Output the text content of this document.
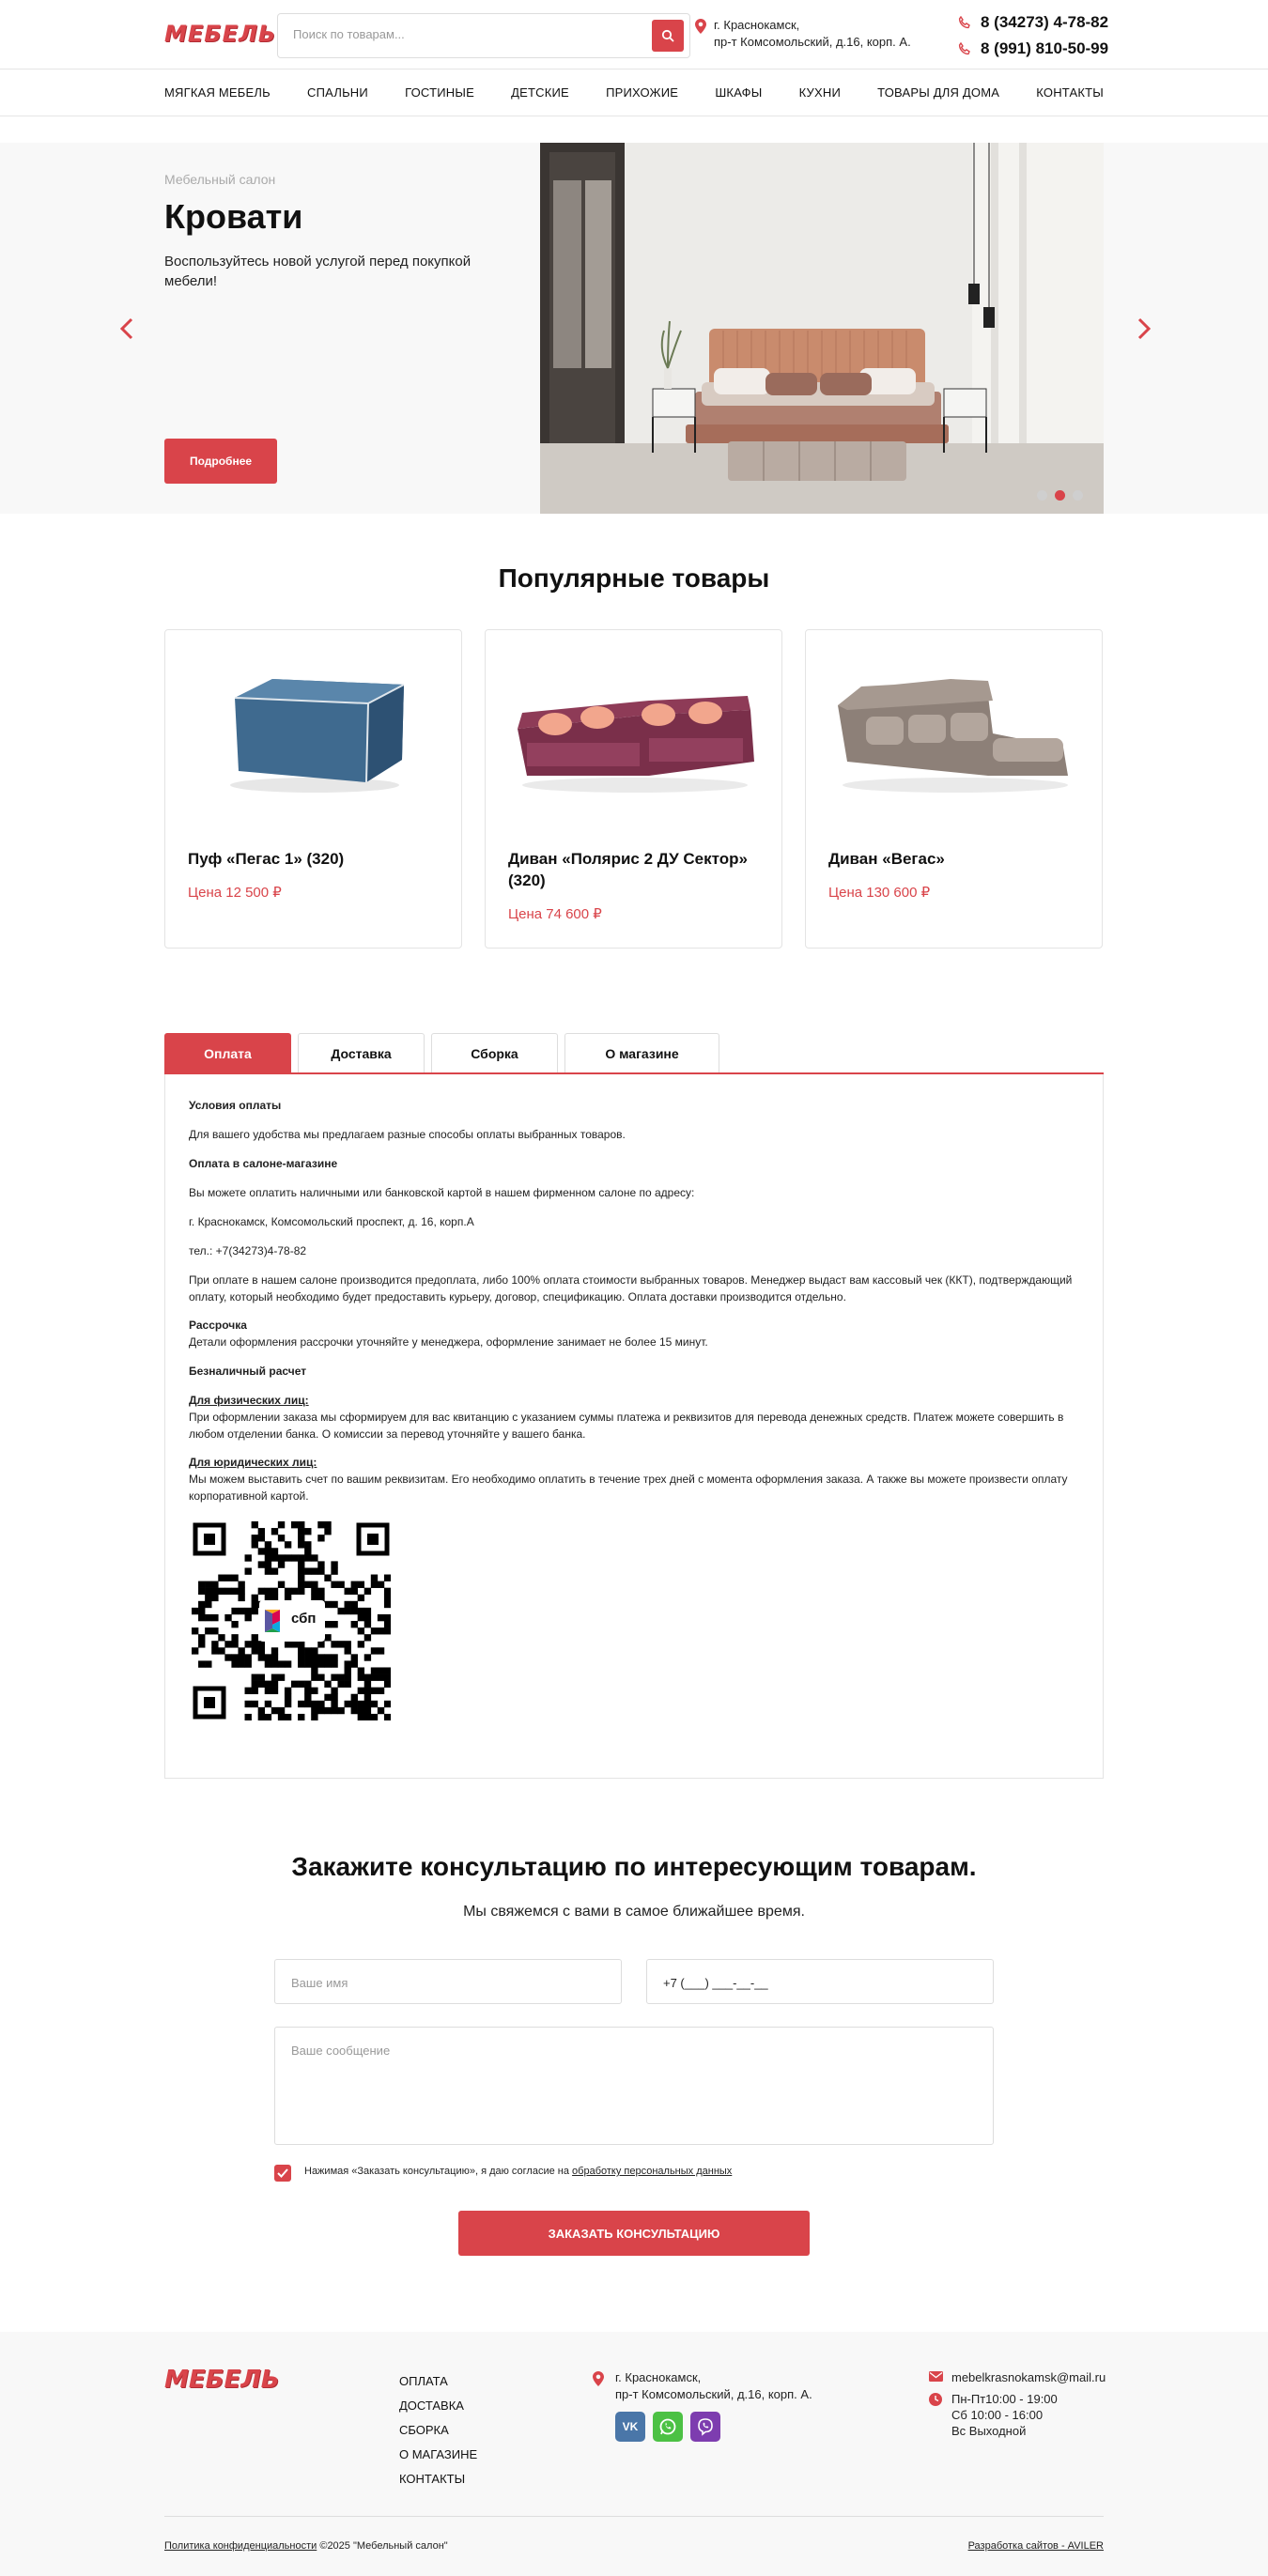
МЕБЕЛЬ
Поиск по товарам...	г. Краснокамск,
пр-т Комсомольский, д.16, корп. А.
8 (34273) 4-78-82
8 (991) 810-50-99
МЯГКАЯ МЕБЕЛЬ	СПАЛЬНИ	ГОСТИНЫЕ	ДЕТСКИЕ	ПРИХОЖИЕ	ШКАФЫ	КУХНИ	ТОВАРЫ ДЛЯ ДОМА	КОНТАКТЫ
Мебельный салон
Кровати
Воспользуйтесь новой услугой перед покупкой мебели!
Подробнее
Популярные товары
Пуф «Пегас 1» (320)
Цена 12 500 ₽
Диван «Полярис 2 ДУ Сектор» (320)
Цена 74 600 ₽
Диван «Вегас»
Цена 130 600 ₽
Оплата	Доставка	Сборка	О магазине

Условия оплаты

Для вашего удобства мы предлагаем разные способы оплаты выбранных товаров.

Оплата в салоне-магазине

Вы можете оплатить наличными или банковской картой в нашем фирменном салоне по адресу:

г. Краснокамск, Комсомольский проспект, д. 16, корп.А

тел.: +7(34273)4-78-82

При оплате в нашем салоне производится предоплата, либо 100% оплата стоимости выбранных товаров. Менеджер выдаст вам кассовый чек (ККТ), подтверждающий оплату, который необходимо будет предоставить курьеру, договор, спецификацию. Оплата доставки производится отдельно.

Рассрочка

Детали оформления рассрочки уточняйте у менеджера, оформление занимает не более 15 минут.

Безналичный расчет

Для физических лиц:

При оформлении заказа мы сформируем для вас квитанцию с указанием суммы платежа и реквизитов для перевода денежных средств. Платеж можете совершить в любом отделении банка. О комиссии за перевод уточняйте у вашего банка.

Для юридических лиц:

Мы можем выставить счет по вашим реквизитам. Его необходимо оплатить в течение трех дней с момента оформления заказа. А также вы можете произвести оплату корпоративной картой.

сбп
Закажите консультацию по интересующим товарам.
Мы свяжемся с вами в самое ближайшее время.
Ваше имя	+7 (___) ___-__-__
Ваше сообщение
Нажимая «Заказать консультацию», я даю согласие на обработку персональных данных
ЗАКАЗАТЬ КОНСУЛЬТАЦИЮ
МЕБЕЛЬ	ОПЛАТА
ДОСТАВКА
СБОРКА
О МАГАЗИНЕ
КОНТАКТЫ
г. Краснокамск,
пр-т Комсомольский, д.16, корп. А.
VK
mebelkrasnokamsk@mail.ru
Пн-Пт10:00 - 19:00
Сб 10:00 - 16:00
Вс Выходной
Политика конфиденциальности ©2025 "Мебельный салон"	Разработка сайтов - AVILER
